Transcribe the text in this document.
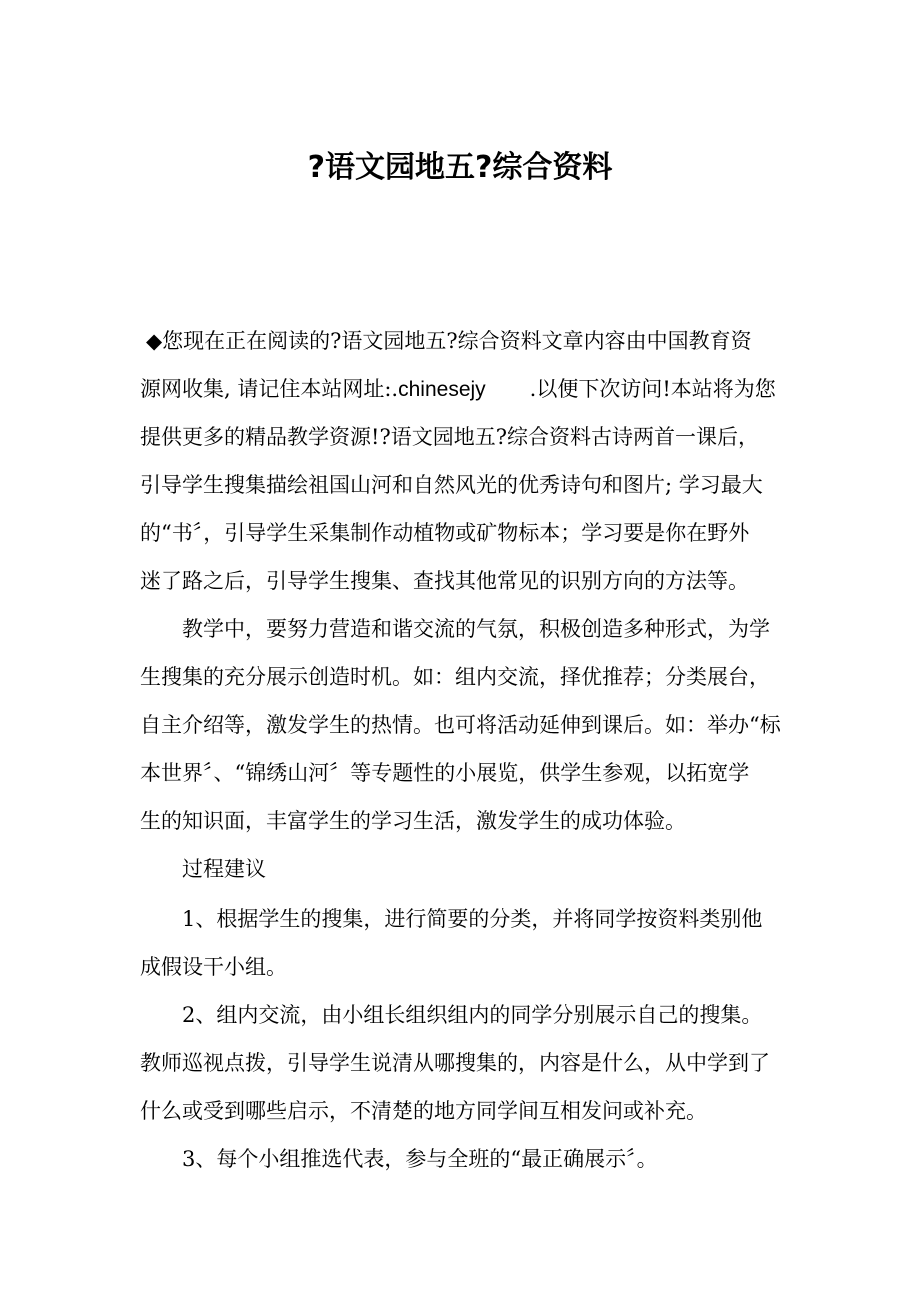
?语文园地五?综合资料

◆您现在正在阅读的?语文园地五?综合资料文章内容由中国教育资

源网收集, 请记住本站网址:.chinesejy .以便下次访问!本站将为您

提供更多的精品教学资源!?语文园地五?综合资料古诗两首一课后，

引导学生搜集描绘祖国山河和自然风光的优秀诗句和图片; 学习最大

的“书〞，引导学生采集制作动植物或矿物标本；学习要是你在野外

迷了路之后，引导学生搜集、查找其他常见的识别方向的方法等。

教学中，要努力营造和谐交流的气氛，积极创造多种形式，为学

生搜集的充分展示创造时机。如：组内交流，择优推荐；分类展台，

自主介绍等，激发学生的热情。也可将活动延伸到课后。如：举办“标

本世界〞、“锦绣山河〞等专题性的小展览，供学生参观，以拓宽学

生的知识面，丰富学生的学习生活，激发学生的成功体验。

过程建议

1、根据学生的搜集，进行简要的分类，并将同学按资料类别他

成假设干小组。

2、组内交流，由小组长组织组内的同学分别展示自己的搜集。

教师巡视点拨，引导学生说清从哪搜集的，内容是什么，从中学到了

什么或受到哪些启示，不清楚的地方同学间互相发问或补充。

3、每个小组推选代表，参与全班的“最正确展示〞。
